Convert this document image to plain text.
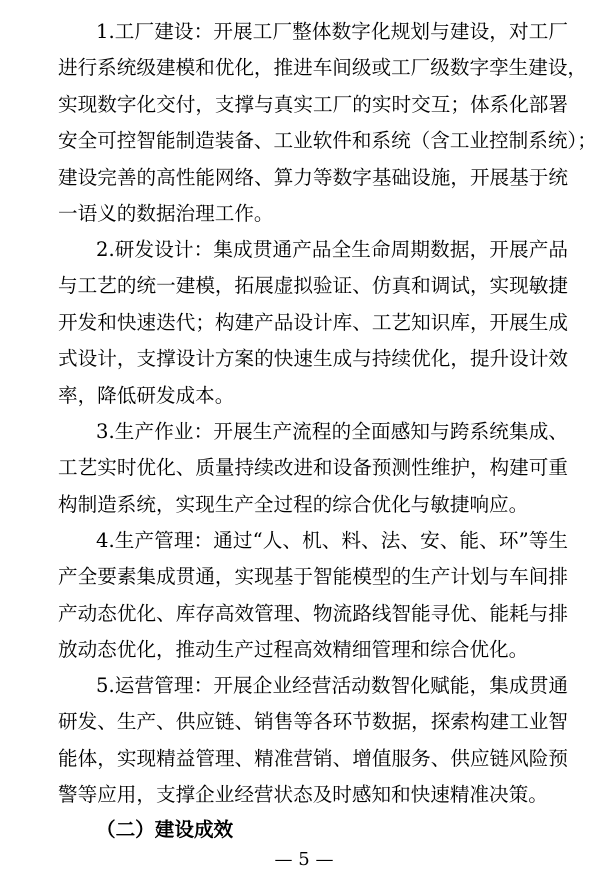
1.工厂建设：开展工厂整体数字化规划与建设，对工厂
进行系统级建模和优化，推进车间级或工厂级数字孪生建设，
实现数字化交付，支撑与真实工厂的实时交互；体系化部署
安全可控智能制造装备、工业软件和系统（含工业控制系统）；
建设完善的高性能网络、算力等数字基础设施，开展基于统
一语义的数据治理工作。
2.研发设计：集成贯通产品全生命周期数据，开展产品
与工艺的统一建模，拓展虚拟验证、仿真和调试，实现敏捷
开发和快速迭代；构建产品设计库、工艺知识库，开展生成
式设计，支撑设计方案的快速生成与持续优化，提升设计效
率，降低研发成本。
3.生产作业：开展生产流程的全面感知与跨系统集成、
工艺实时优化、质量持续改进和设备预测性维护，构建可重
构制造系统，实现生产全过程的综合优化与敏捷响应。
4.生产管理：通过“人、机、料、法、安、能、环”等生
产全要素集成贯通，实现基于智能模型的生产计划与车间排
产动态优化、库存高效管理、物流路线智能寻优、能耗与排
放动态优化，推动生产过程高效精细管理和综合优化。
5.运营管理：开展企业经营活动数智化赋能，集成贯通
研发、生产、供应链、销售等各环节数据，探索构建工业智
能体，实现精益管理、精准营销、增值服务、供应链风险预
警等应用，支撑企业经营状态及时感知和快速精准决策。

（二）建设成效

— 5 —
